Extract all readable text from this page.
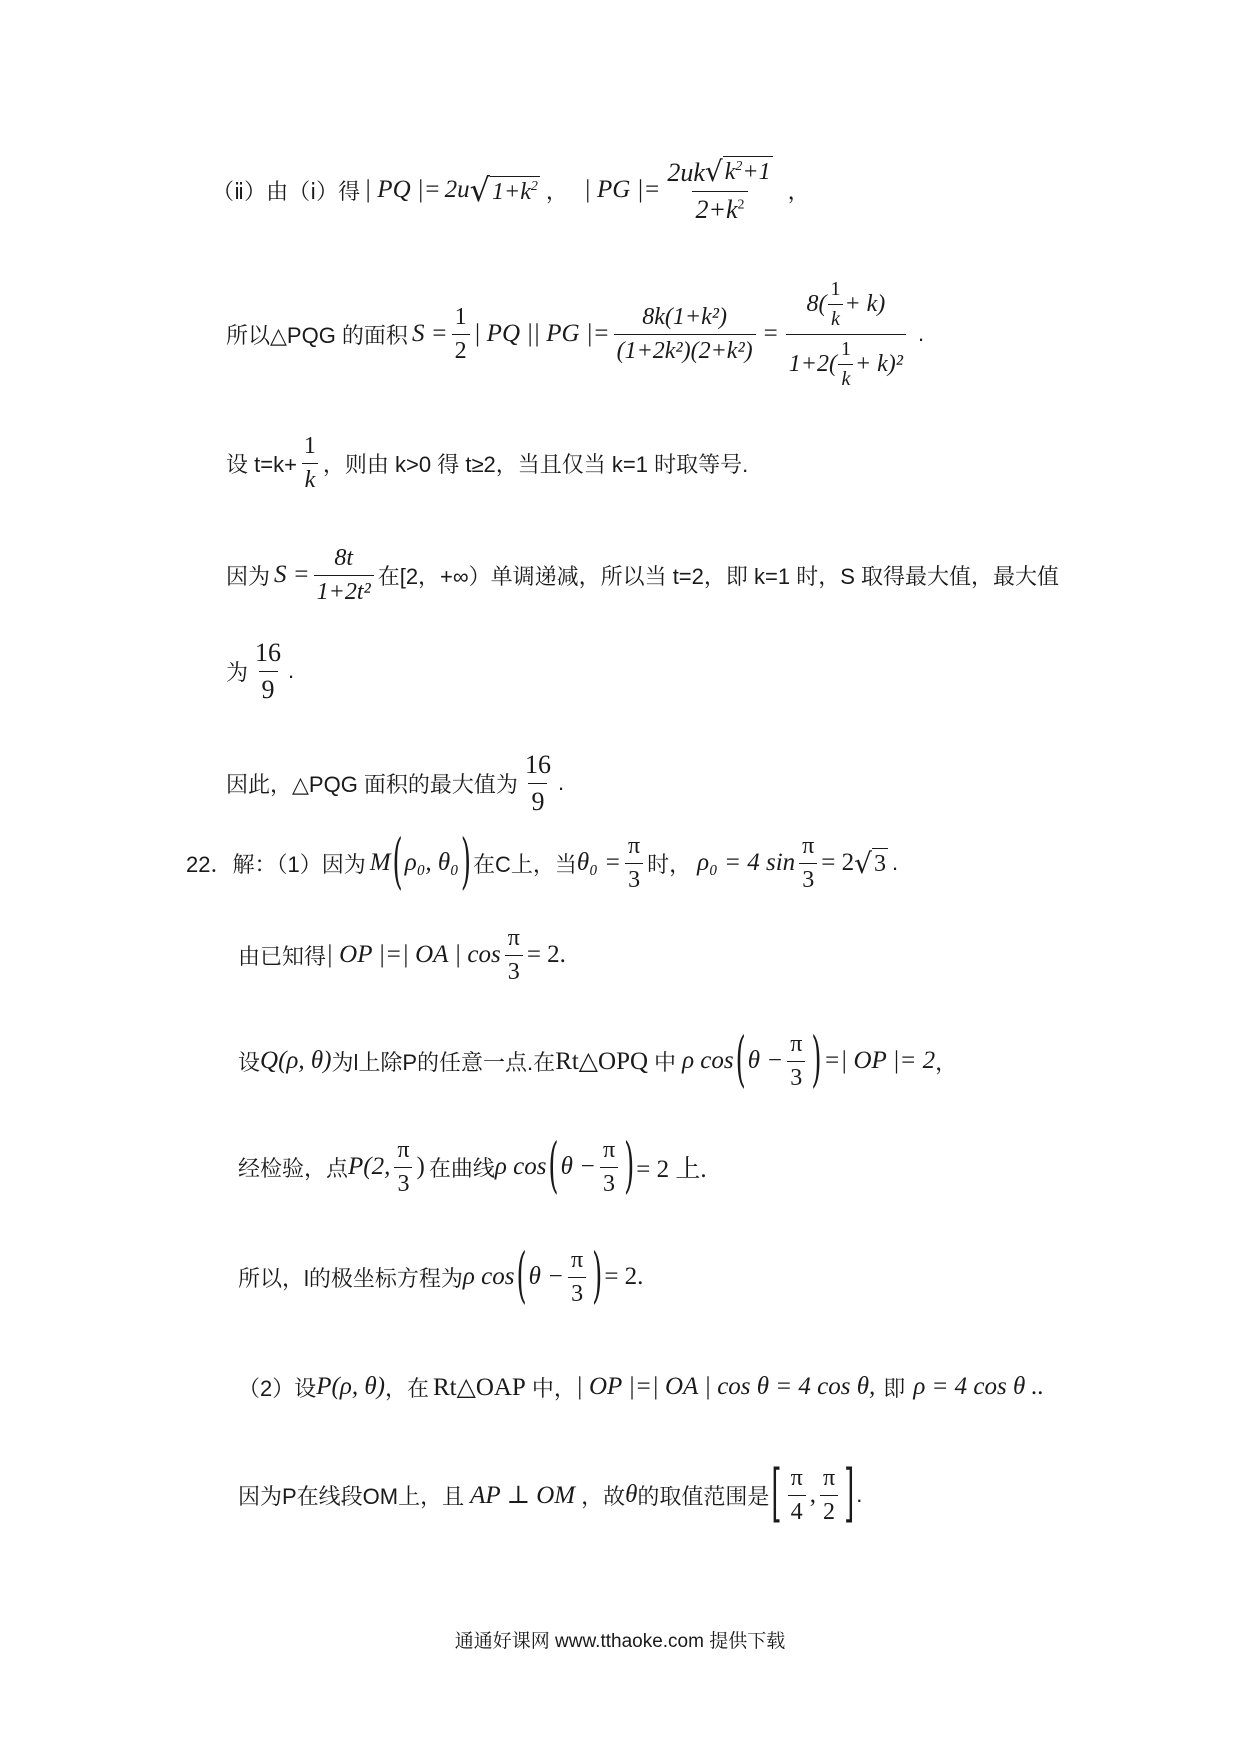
（ⅱ）由（ⅰ）得 | PQ |= 2u √ $1+k^2$ ， | PG |= $\frac{2uk √ k^2+1}{2+k^2}$ ，
所以△PQG 的面积 $S = \frac{1}{2}$ | PQ || PG |= $\frac{\text{8k(1+k²)}}{\text{(1+2k²)(2+k²)}} = \frac{8( \frac{1}{k} + k)}{1+2( \frac{1}{k} + k)^2}$ .
设 $t=k+ \frac{1}{k}$ ，则由 k>0 得 t≥2，当且仅当 k=1 时取等号.
因为 $S = \frac{8t}{\text{1+2t²}}$ 在[2，+∞）单调递减，所以当 t=2，即 k=1 时，S 取得最大值，最大值
为 $\frac{16}{9}$ .
因此，△PQG 面积的最大值为 $\frac{16}{9}$ .
22．解：（1）因为 M ( ρ₀, θ₀ ) 在C上，当 $\theta_0 = \frac{\pi}{3}$ 时， ρ₀ = 4 $\sin \frac{\pi}{3} = 2$ √ 3 .
由已知得 | OP |=| OA | $\cos \frac{\pi}{3} = 2$.
设 Q(ρ, θ) 为l上除P的任意一点.在 Rt△OPQ 中 ρ cos ( $\theta - \frac{\pi}{3}$ ) =| OP |= 2 ，
经检验，点 P(2, $\frac{\pi}{3}$ ) 在曲线 ρ cos ( $\theta - \frac{\pi}{3}$ ) = 2 上.
所以，l的极坐标方程为 ρ cos ( $\theta - \frac{\pi}{3}$ ) = 2.
（2）设 P(ρ, θ) ，在 Rt△OAP 中， | OP |=| OA | cos θ = 4 cos θ, 即 ρ = 4 cos θ ..
因为P在线段OM上，且 AP ⊥ OM ，故 θ 的取值范围是 [ $\frac{\pi}{4}$ , $\frac{\pi}{2}$ ] .
通通好课网 www.tthaoke.com 提供下载
